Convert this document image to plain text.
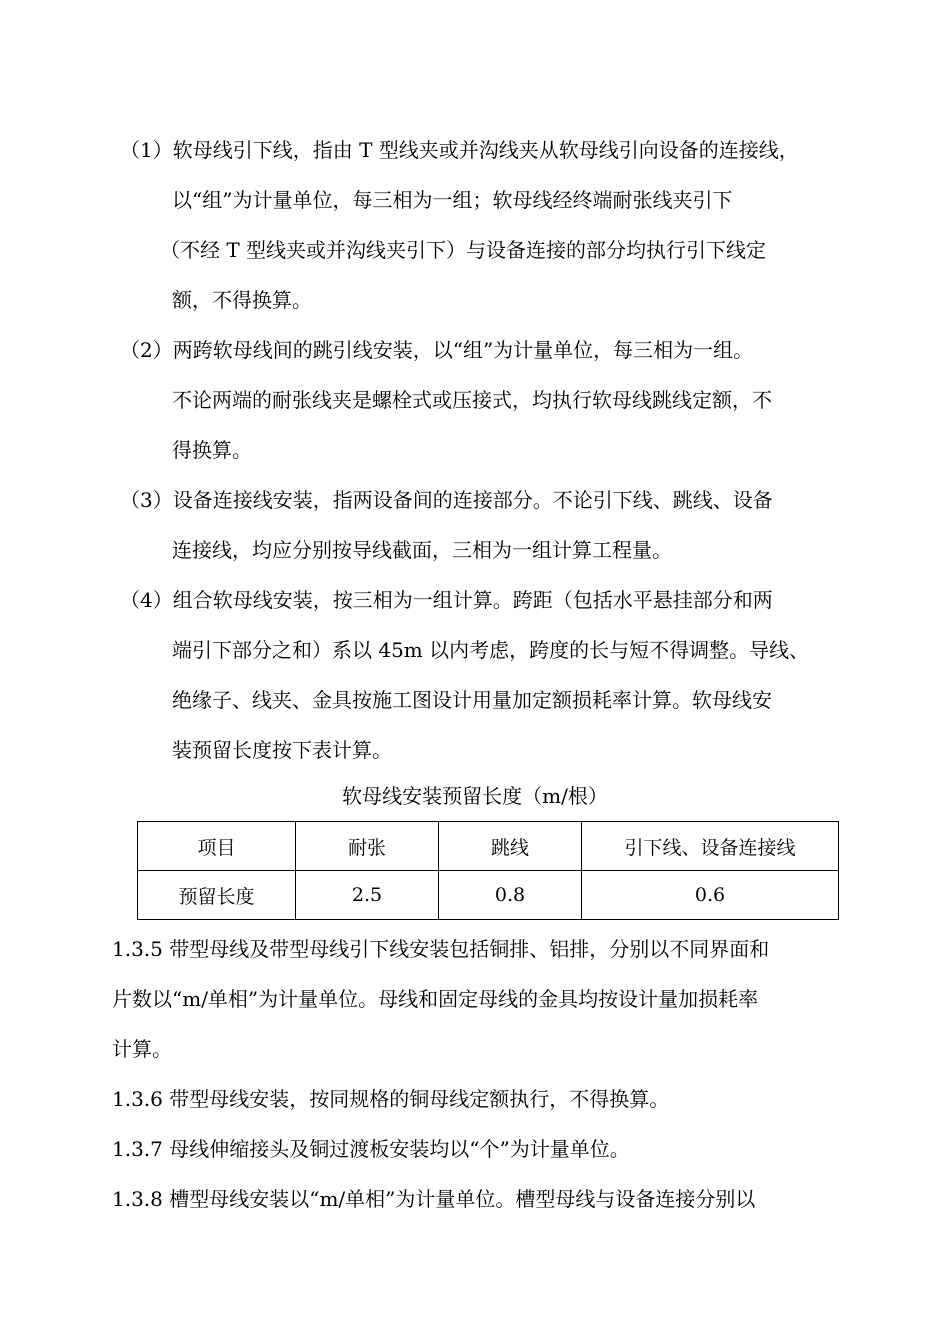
（1）软母线引下线，指由 T 型线夹或并沟线夹从软母线引向设备的连接线，
以“组”为计量单位，每三相为一组；软母线经终端耐张线夹引下
（不经 T 型线夹或并沟线夹引下）与设备连接的部分均执行引下线定
额，不得换算。
（2）两跨软母线间的跳引线安装，以“组”为计量单位，每三相为一组。
不论两端的耐张线夹是螺栓式或压接式，均执行软母线跳线定额，不
得换算。
（3）设备连接线安装，指两设备间的连接部分。不论引下线、跳线、设备
连接线，均应分别按导线截面，三相为一组计算工程量。
（4）组合软母线安装，按三相为一组计算。跨距（包括水平悬挂部分和两
端引下部分之和）系以 45m 以内考虑，跨度的长与短不得调整。导线、
绝缘子、线夹、金具按施工图设计用量加定额损耗率计算。软母线安
装预留长度按下表计算。
软母线安装预留长度（m/根）
项目	耐张	跳线	引下线、设备连接线
预留长度	2.5	0.8	0.6
1.3.5 带型母线及带型母线引下线安装包括铜排、铝排，分别以不同界面和
片数以“m/单相”为计量单位。母线和固定母线的金具均按设计量加损耗率
计算。
1.3.6 带型母线安装，按同规格的铜母线定额执行，不得换算。
1.3.7 母线伸缩接头及铜过渡板安装均以“个”为计量单位。
1.3.8 槽型母线安装以“m/单相”为计量单位。槽型母线与设备连接分别以
